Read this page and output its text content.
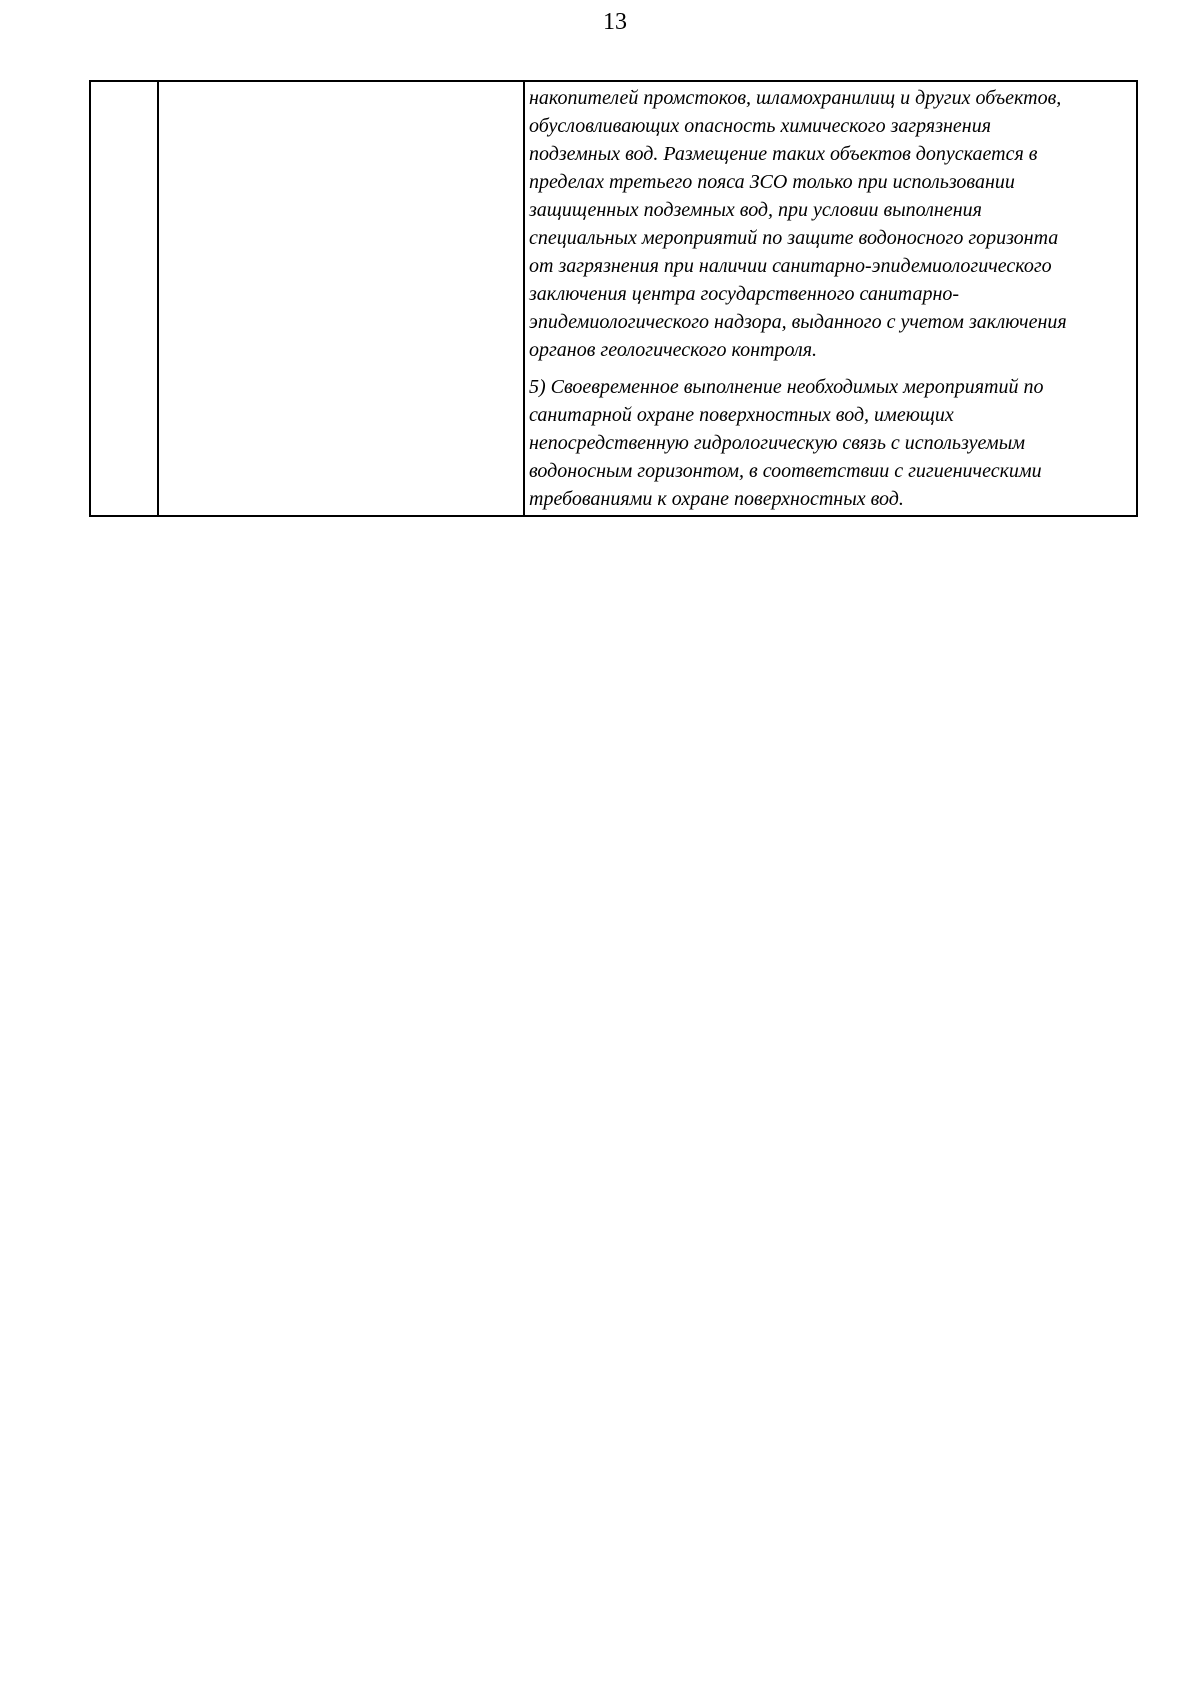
13

накопителей промстоков, шламохранилищ и других объектов,
обусловливающих опасность химического загрязнения
подземных вод. Размещение таких объектов допускается в
пределах третьего пояса ЗСО только при использовании
защищенных подземных вод, при условии выполнения
специальных мероприятий по защите водоносного горизонта
от загрязнения при наличии санитарно-эпидемиологического
заключения центра государственного санитарно-
эпидемиологического надзора, выданного с учетом заключения
органов геологического контроля.

5) Своевременное выполнение необходимых мероприятий по
санитарной охране поверхностных вод, имеющих
непосредственную гидрологическую связь с используемым
водоносным горизонтом, в соответствии с гигиеническими
требованиями к охране поверхностных вод.
